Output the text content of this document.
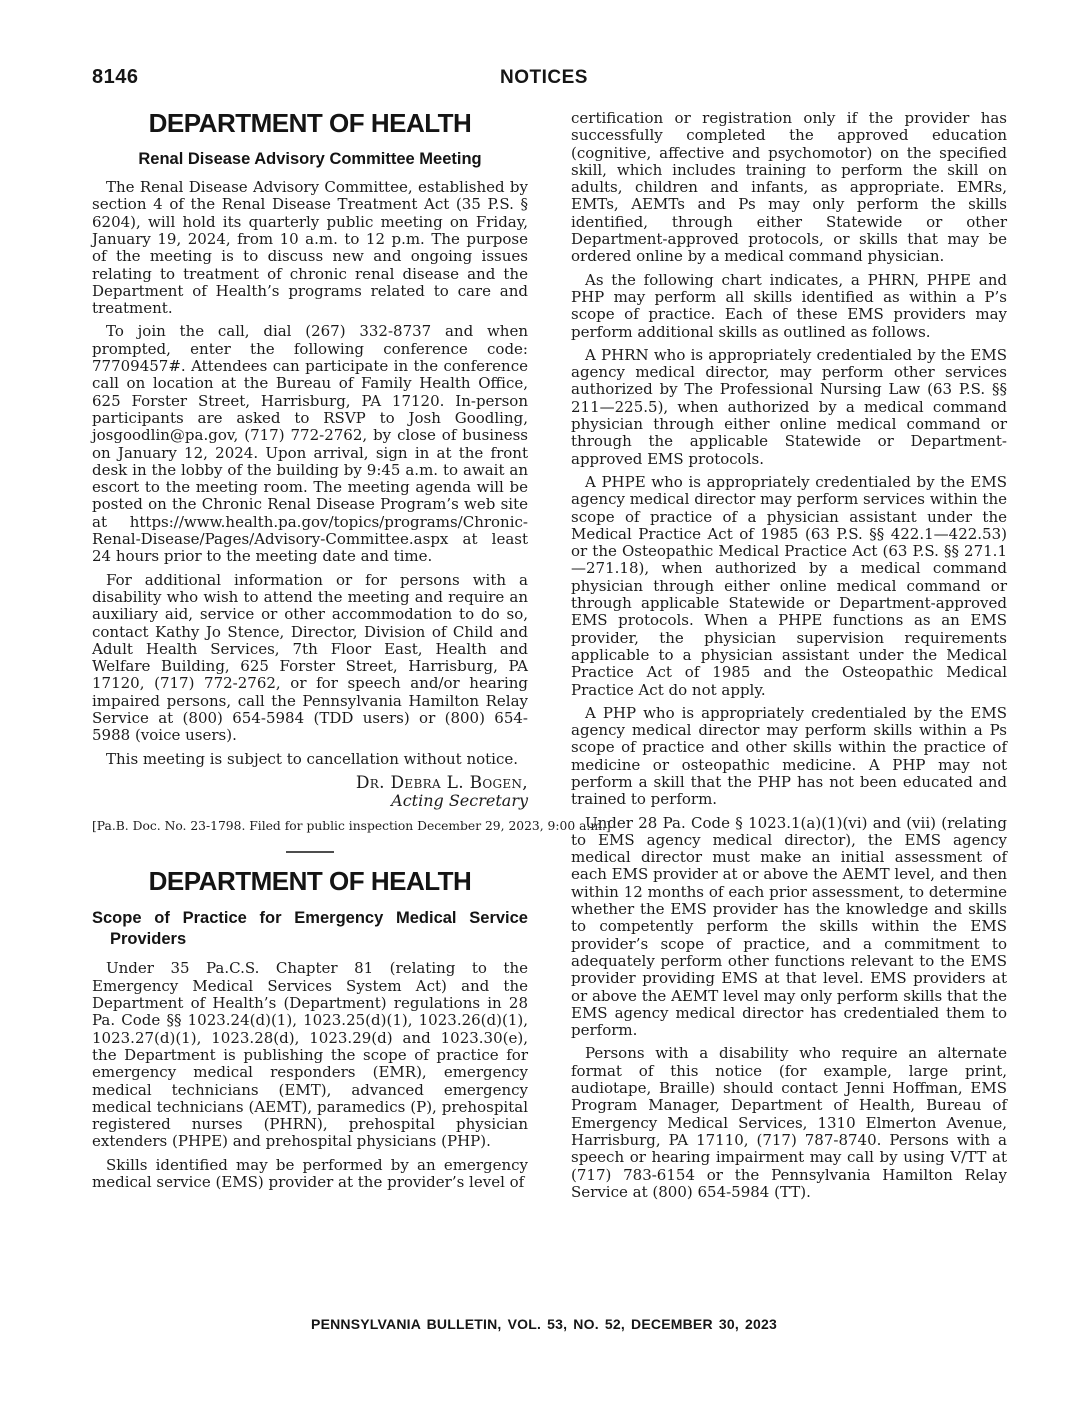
8146	NOTICES
DEPARTMENT OF HEALTH
Renal Disease Advisory Committee Meeting

The Renal Disease Advisory Committee, established by section 4 of the Renal Disease Treatment Act (35 P.S. § 6204), will hold its quarterly public meeting on Friday, January 19, 2024, from 10 a.m. to 12 p.m. The purpose of the meeting is to discuss new and ongoing issues relating to treatment of chronic renal disease and the Department of Health’s programs related to care and treatment.

To join the call, dial (267) 332-8737 and when prompted, enter the following conference code: 77709457#. Attendees can participate in the conference call on location at the Bureau of Family Health Office, 625 Forster Street, Harrisburg, PA 17120. In-person participants are asked to RSVP to Josh Goodling, josgoodlin@pa.gov, (717) 772-2762, by close of business on January 12, 2024. Upon arrival, sign in at the front desk in the lobby of the building by 9:45 a.m. to await an escort to the meeting room. The meeting agenda will be posted on the Chronic Renal Disease Program’s web site at https://www.health.pa.gov/topics/programs/Chronic-Renal-Disease/Pages/Advisory-Committee.aspx at least 24 hours prior to the meeting date and time.

For additional information or for persons with a disability who wish to attend the meeting and require an auxiliary aid, service or other accommodation to do so, contact Kathy Jo Stence, Director, Division of Child and Adult Health Services, 7th Floor East, Health and Welfare Building, 625 Forster Street, Harrisburg, PA 17120, (717) 772-2762, or for speech and/or hearing impaired persons, call the Pennsylvania Hamilton Relay Service at (800) 654-5984 (TDD users) or (800) 654-5988 (voice users).

This meeting is subject to cancellation without notice.

Dr. Debra L. Bogen,
Acting Secretary
[Pa.B. Doc. No. 23-1798. Filed for public inspection December 29, 2023, 9:00 a.m.]
DEPARTMENT OF HEALTH
Scope of Practice for Emergency Medical Service
Providers

Under 35 Pa.C.S. Chapter 81 (relating to the Emergency Medical Services System Act) and the Department of Health’s (Department) regulations in 28 Pa. Code §§ 1023.24(d)(1), 1023.25(d)(1), 1023.26(d)(1), 1023.27(d)(1), 1023.28(d), 1023.29(d) and 1023.30(e), the Department is publishing the scope of practice for emergency medical responders (EMR), emergency medical technicians (EMT), advanced emergency medical technicians (AEMT), paramedics (P), prehospital registered nurses (PHRN), prehospital physician extenders (PHPE) and prehospital physicians (PHP).

Skills identified may be performed by an emergency medical service (EMS) provider at the provider’s level of

certification or registration only if the provider has successfully completed the approved education (cognitive, affective and psychomotor) on the specified skill, which includes training to perform the skill on adults, children and infants, as appropriate. EMRs, EMTs, AEMTs and Ps may only perform the skills identified, through either Statewide or other Department-approved protocols, or skills that may be ordered online by a medical command physician.

As the following chart indicates, a PHRN, PHPE and PHP may perform all skills identified as within a P’s scope of practice. Each of these EMS providers may perform additional skills as outlined as follows.

A PHRN who is appropriately credentialed by the EMS agency medical director, may perform other services authorized by The Professional Nursing Law (63 P.S. §§ 211—225.5), when authorized by a medical command physician through either online medical command or through the applicable Statewide or Department-approved EMS protocols.

A PHPE who is appropriately credentialed by the EMS agency medical director may perform services within the scope of practice of a physician assistant under the Medical Practice Act of 1985 (63 P.S. §§ 422.1—422.53) or the Osteopathic Medical Practice Act (63 P.S. §§ 271.1—271.18), when authorized by a medical command physician through either online medical command or through applicable Statewide or Department-approved EMS protocols. When a PHPE functions as an EMS provider, the physician supervision requirements applicable to a physician assistant under the Medical Practice Act of 1985 and the Osteopathic Medical Practice Act do not apply.

A PHP who is appropriately credentialed by the EMS agency medical director may perform skills within a Ps scope of practice and other skills within the practice of medicine or osteopathic medicine. A PHP may not perform a skill that the PHP has not been educated and trained to perform.

Under 28 Pa. Code § 1023.1(a)(1)(vi) and (vii) (relating to EMS agency medical director), the EMS agency medical director must make an initial assessment of each EMS provider at or above the AEMT level, and then within 12 months of each prior assessment, to determine whether the EMS provider has the knowledge and skills to competently perform the skills within the EMS provider’s scope of practice, and a commitment to adequately perform other functions relevant to the EMS provider providing EMS at that level. EMS providers at or above the AEMT level may only perform skills that the EMS agency medical director has credentialed them to perform.

Persons with a disability who require an alternate format of this notice (for example, large print, audiotape, Braille) should contact Jenni Hoffman, EMS Program Manager, Department of Health, Bureau of Emergency Medical Services, 1310 Elmerton Avenue, Harrisburg, PA 17110, (717) 787-8740. Persons with a speech or hearing impairment may call by using V/TT at (717) 783-6154 or the Pennsylvania Hamilton Relay Service at (800) 654-5984 (TT).

PENNSYLVANIA BULLETIN, VOL. 53, NO. 52, DECEMBER 30, 2023
